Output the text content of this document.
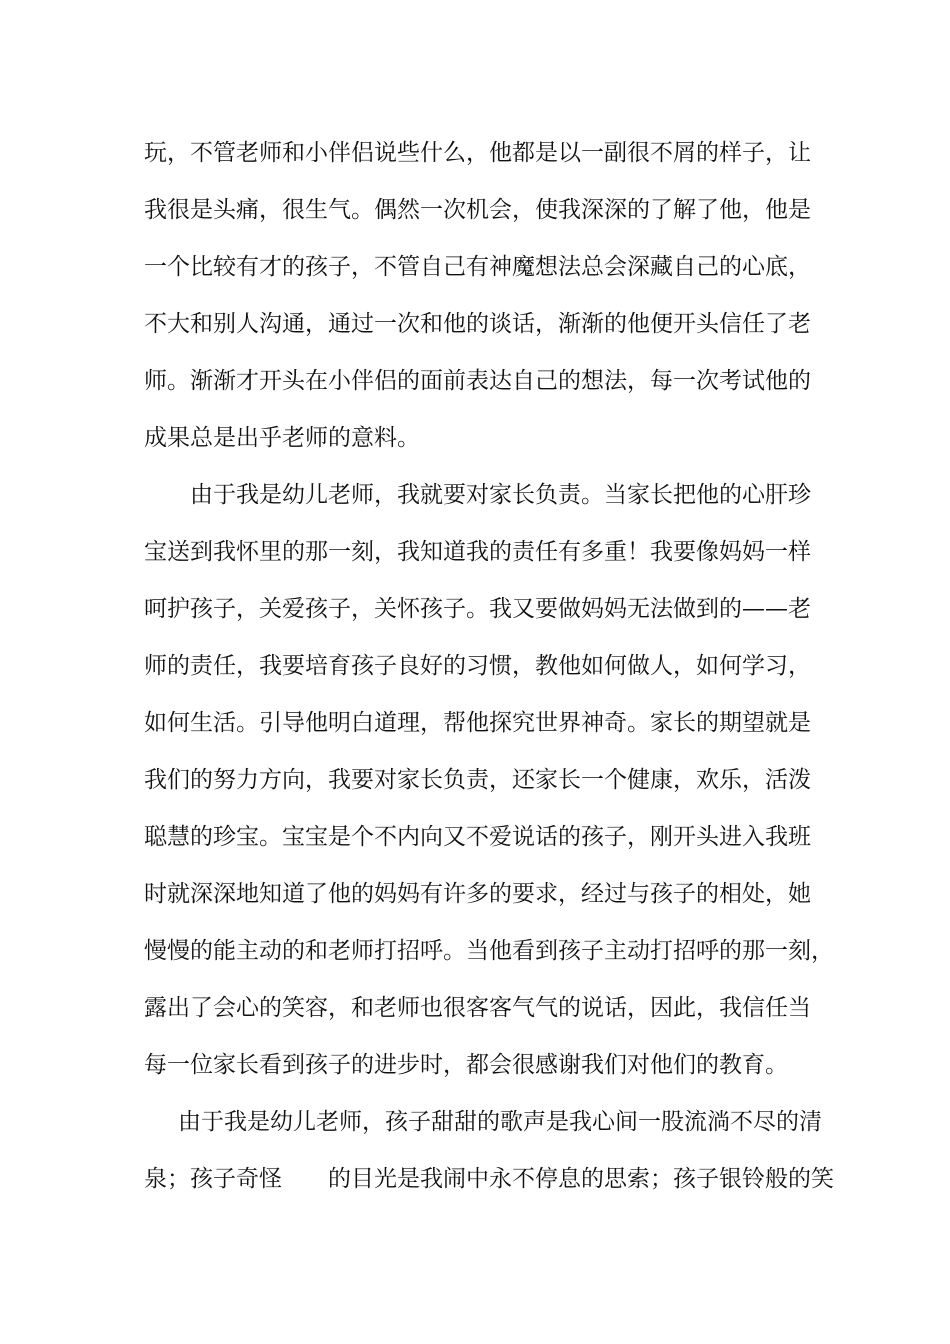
玩，不管老师和小伴侣说些什么，他都是以一副很不屑的样子，让
我很是头痛，很生气。偶然一次机会，使我深深的了解了他，他是
一个比较有才的孩子，不管自己有神魔想法总会深藏自己的心底，
不大和别人沟通，通过一次和他的谈话，渐渐的他便开头信任了老
师。渐渐才开头在小伴侣的面前表达自己的想法，每一次考试他的
成果总是出乎老师的意料。
由于我是幼儿老师，我就要对家长负责。当家长把他的心肝珍
宝送到我怀里的那一刻，我知道我的责任有多重！我要像妈妈一样
呵护孩子，关爱孩子，关怀孩子。我又要做妈妈无法做到的——老
师的责任，我要培育孩子良好的习惯，教他如何做人，如何学习，
如何生活。引导他明白道理，帮他探究世界神奇。家长的期望就是
我们的努力方向，我要对家长负责，还家长一个健康，欢乐，活泼
聪慧的珍宝。宝宝是个不内向又不爱说话的孩子，刚开头进入我班
时就深深地知道了他的妈妈有许多的要求，经过与孩子的相处，她
慢慢的能主动的和老师打招呼。当他看到孩子主动打招呼的那一刻，
露出了会心的笑容，和老师也很客客气气的说话，因此，我信任当
每一位家长看到孩子的进步时，都会很感谢我们对他们的教育。
由于我是幼儿老师，孩子甜甜的歌声是我心间一股流淌不尽的清
泉；孩子奇怪　　的目光是我闹中永不停息的思索；孩子银铃般的笑
